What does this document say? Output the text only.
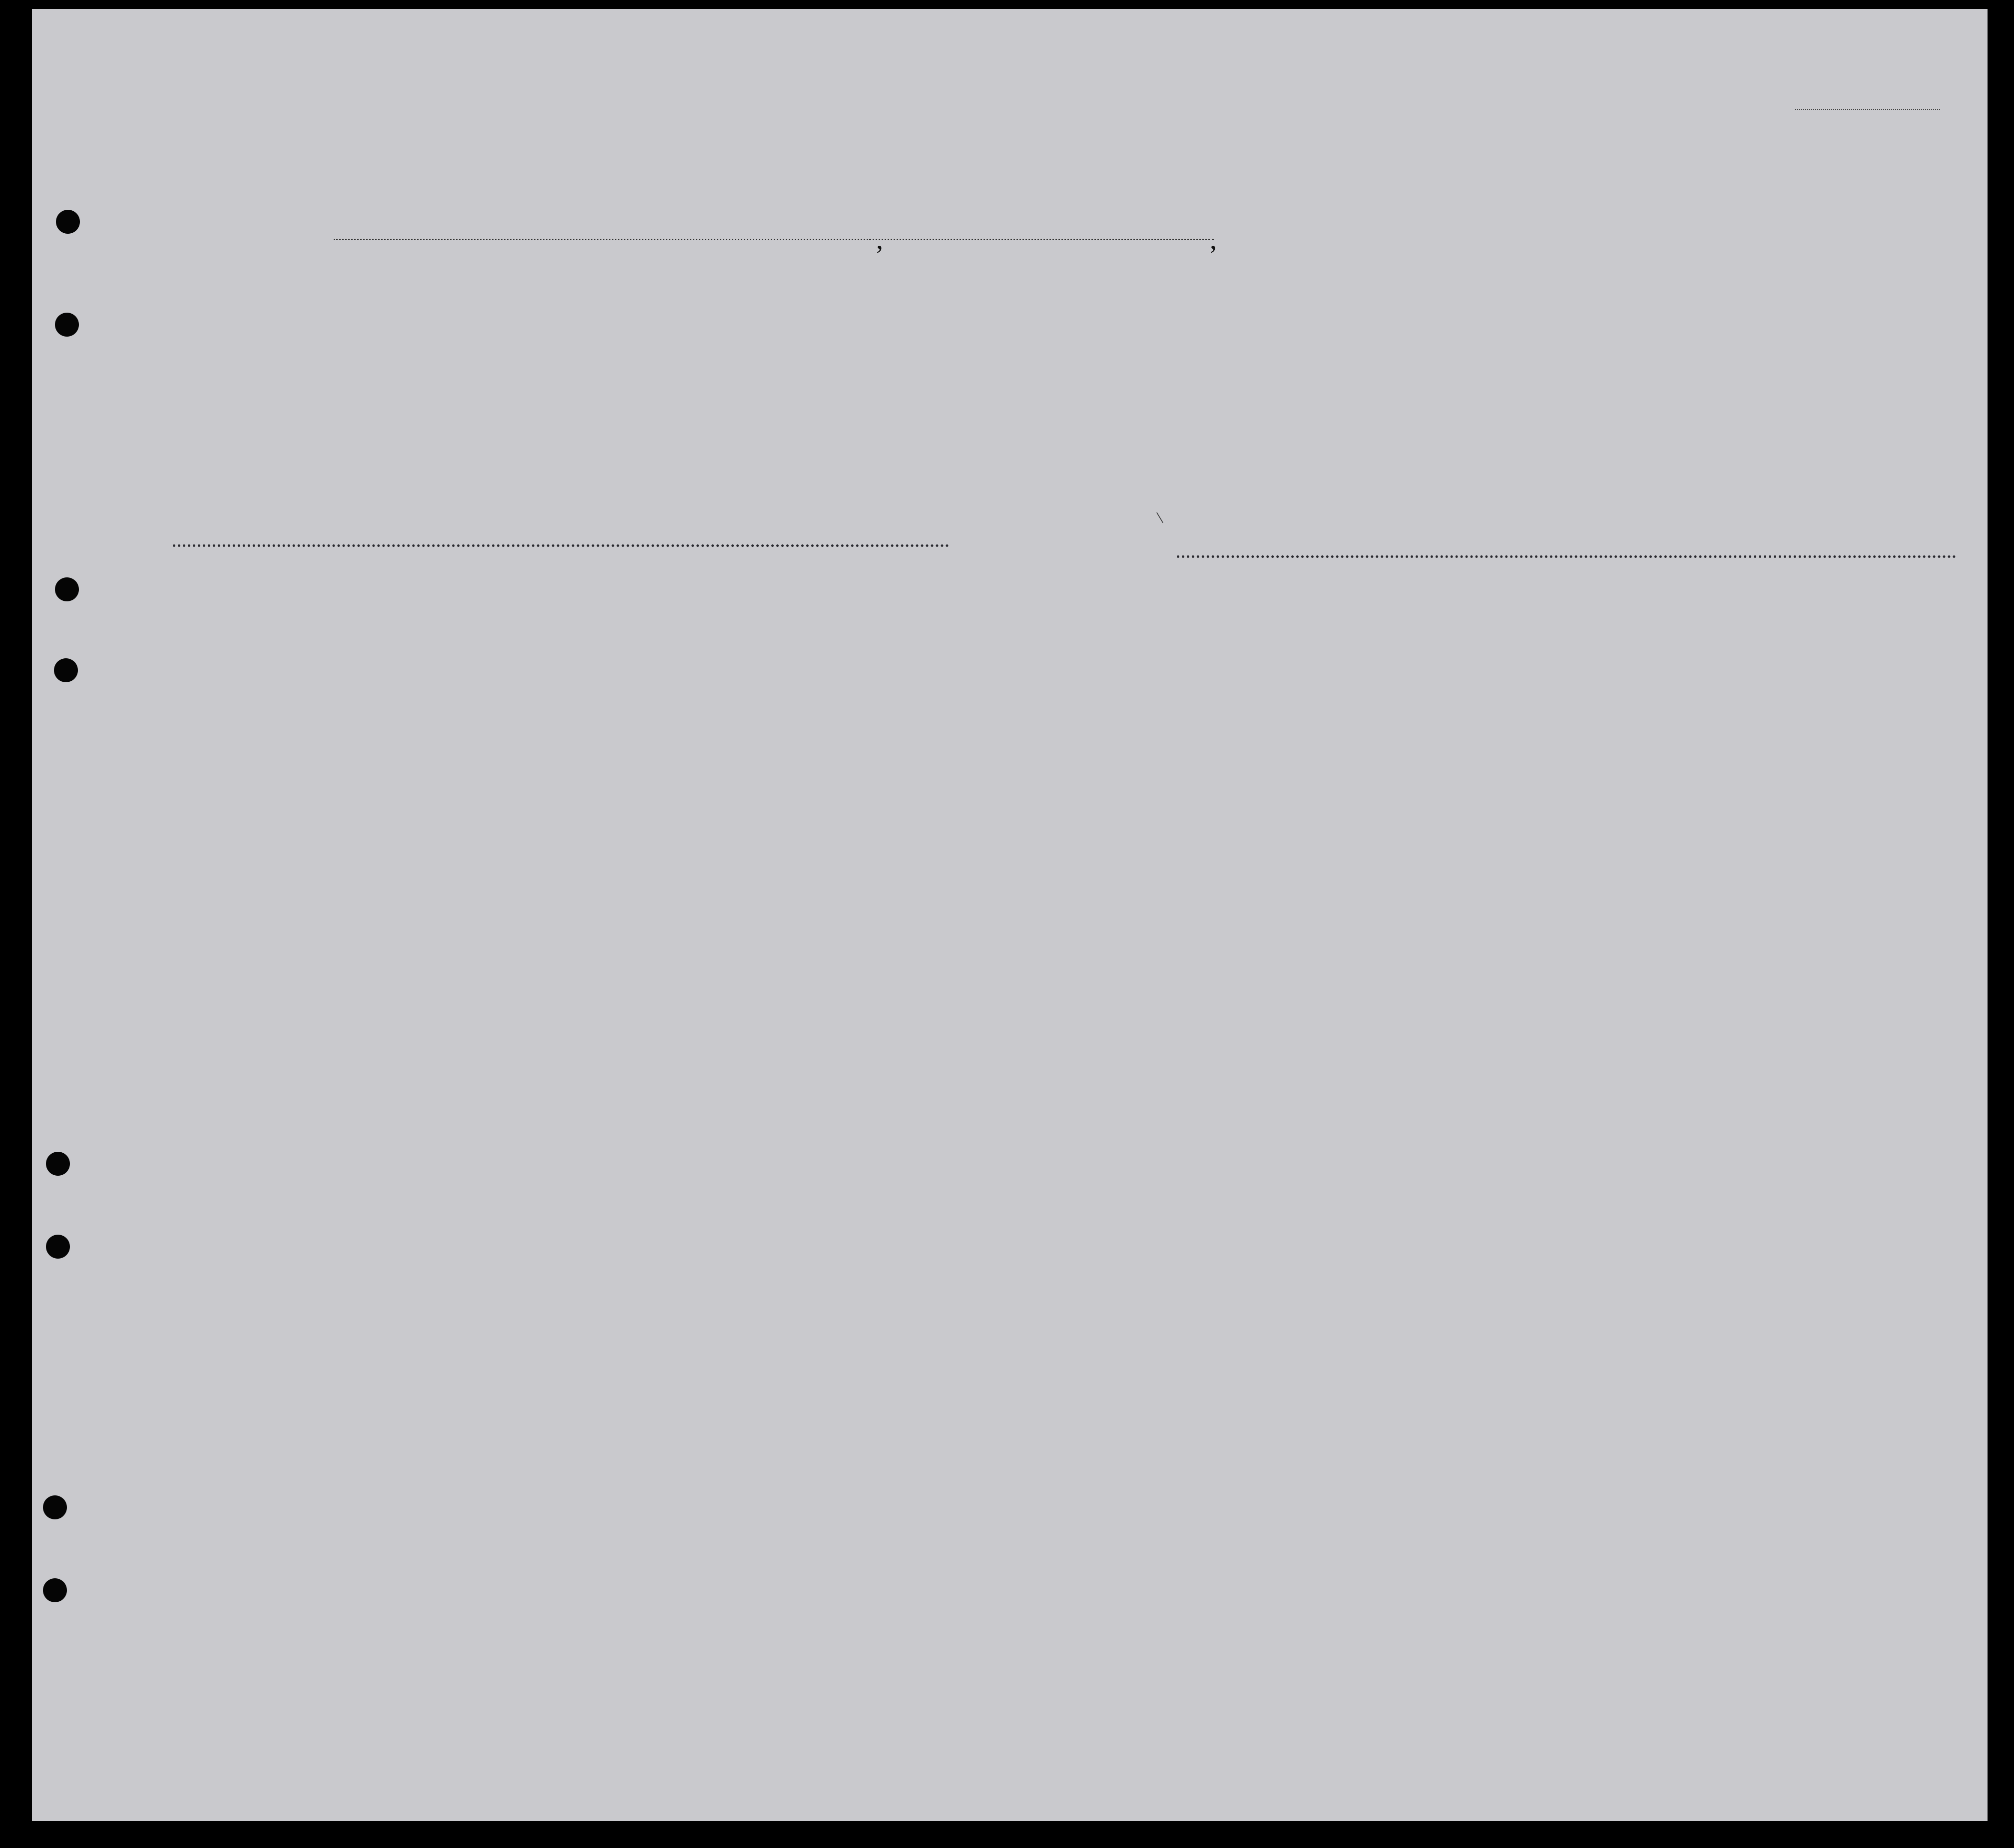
,	,
/
